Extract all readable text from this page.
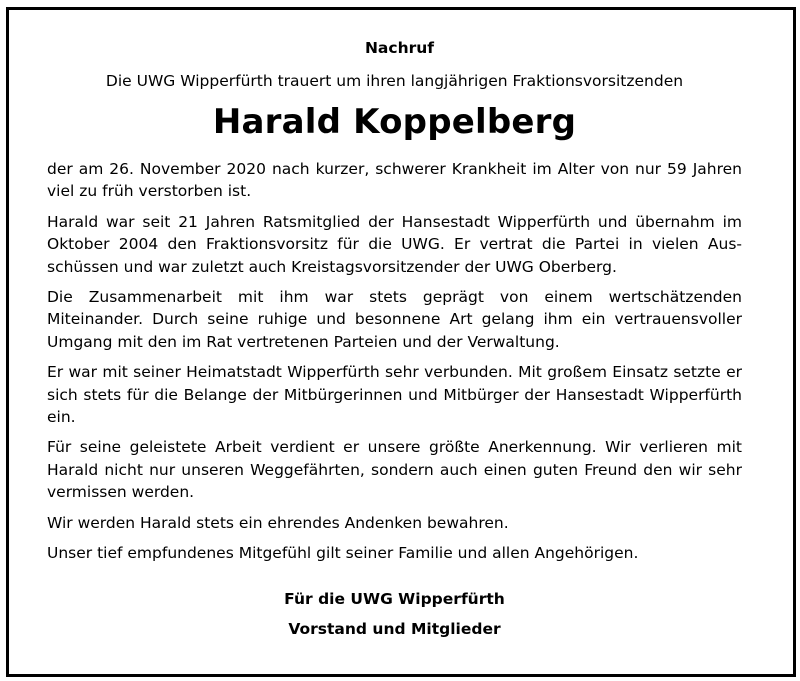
Nachruf

Die UWG Wipperfürth trauert um ihren langjährigen Fraktionsvorsitzenden

Harald Koppelberg

der am 26. November 2020 nach kurzer, schwerer Krankheit im Alter von nur 59 Jahren viel zu früh verstorben ist.

Harald war seit 21 Jahren Ratsmitglied der Hansestadt Wipperfürth und übernahm im Oktober 2004 den Fraktionsvorsitz für die UWG. Er vertrat die Partei in vielen Ausschüssen und war zuletzt auch Kreistagsvorsitzender der UWG Oberberg.

Die Zusammenarbeit mit ihm war stets geprägt von einem wertschätzenden Miteinander. Durch seine ruhige und besonnene Art gelang ihm ein vertrauensvoller Umgang mit den im Rat vertretenen Parteien und der Verwaltung.

Er war mit seiner Heimatstadt Wipperfürth sehr verbunden. Mit großem Einsatz setzte er sich stets für die Belange der Mitbürgerinnen und Mitbürger der Hansestadt Wipperfürth ein.

Für seine geleistete Arbeit verdient er unsere größte Anerkennung. Wir verlieren mit Harald nicht nur unseren Weggefährten, sondern auch einen guten Freund den wir sehr vermissen werden.

Wir werden Harald stets ein ehrendes Andenken bewahren.

Unser tief empfundenes Mitgefühl gilt seiner Familie und allen Angehörigen.

Für die UWG Wipperfürth

Vorstand und Mitglieder
